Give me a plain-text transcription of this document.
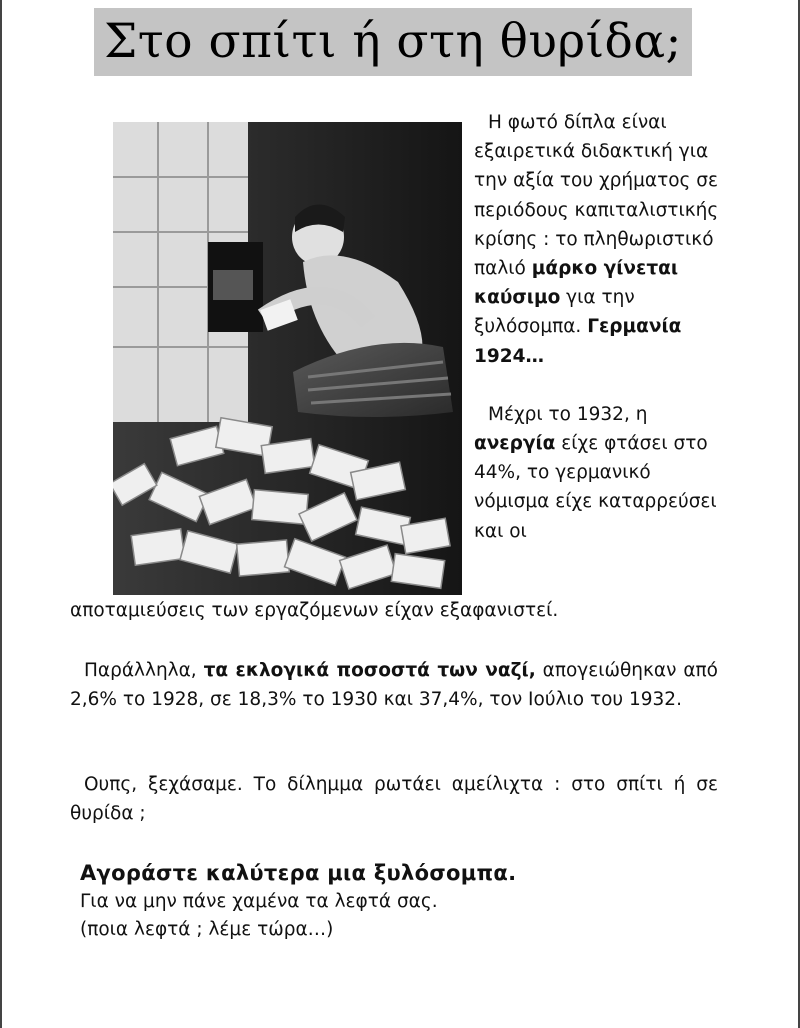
Στο σπίτι ή στη θυρίδα;

Η φωτό δίπλα είναι εξαιρετικά διδακτική για την αξία του χρήματος σε περιόδους καπιταλιστικής κρίσης : το πληθωριστικό παλιό μάρκο γίνεται καύσιμο για την ξυλόσομπα. Γερμανία 1924…

Μέχρι το 1932, η ανεργία είχε φτάσει στο 44%, το γερμανικό νόμισμα είχε καταρρεύσει και οι

αποταμιεύσεις των εργαζόμενων είχαν εξαφανιστεί.
Παράλληλα, τα εκλογικά ποσοστά των ναζί, απογειώθηκαν από 2,6% το 1928, σε 18,3% το 1930 και 37,4%, τον Ιούλιο του 1932.
Ουπς, ξεχάσαμε. Το δίλημμα ρωτάει αμείλιχτα : στο σπίτι ή σε θυρίδα ;
Αγοράστε καλύτερα μια ξυλόσομπα.
Για να μην πάνε χαμένα τα λεφτά σας.
(ποια λεφτά ; λέμε τώρα…)
